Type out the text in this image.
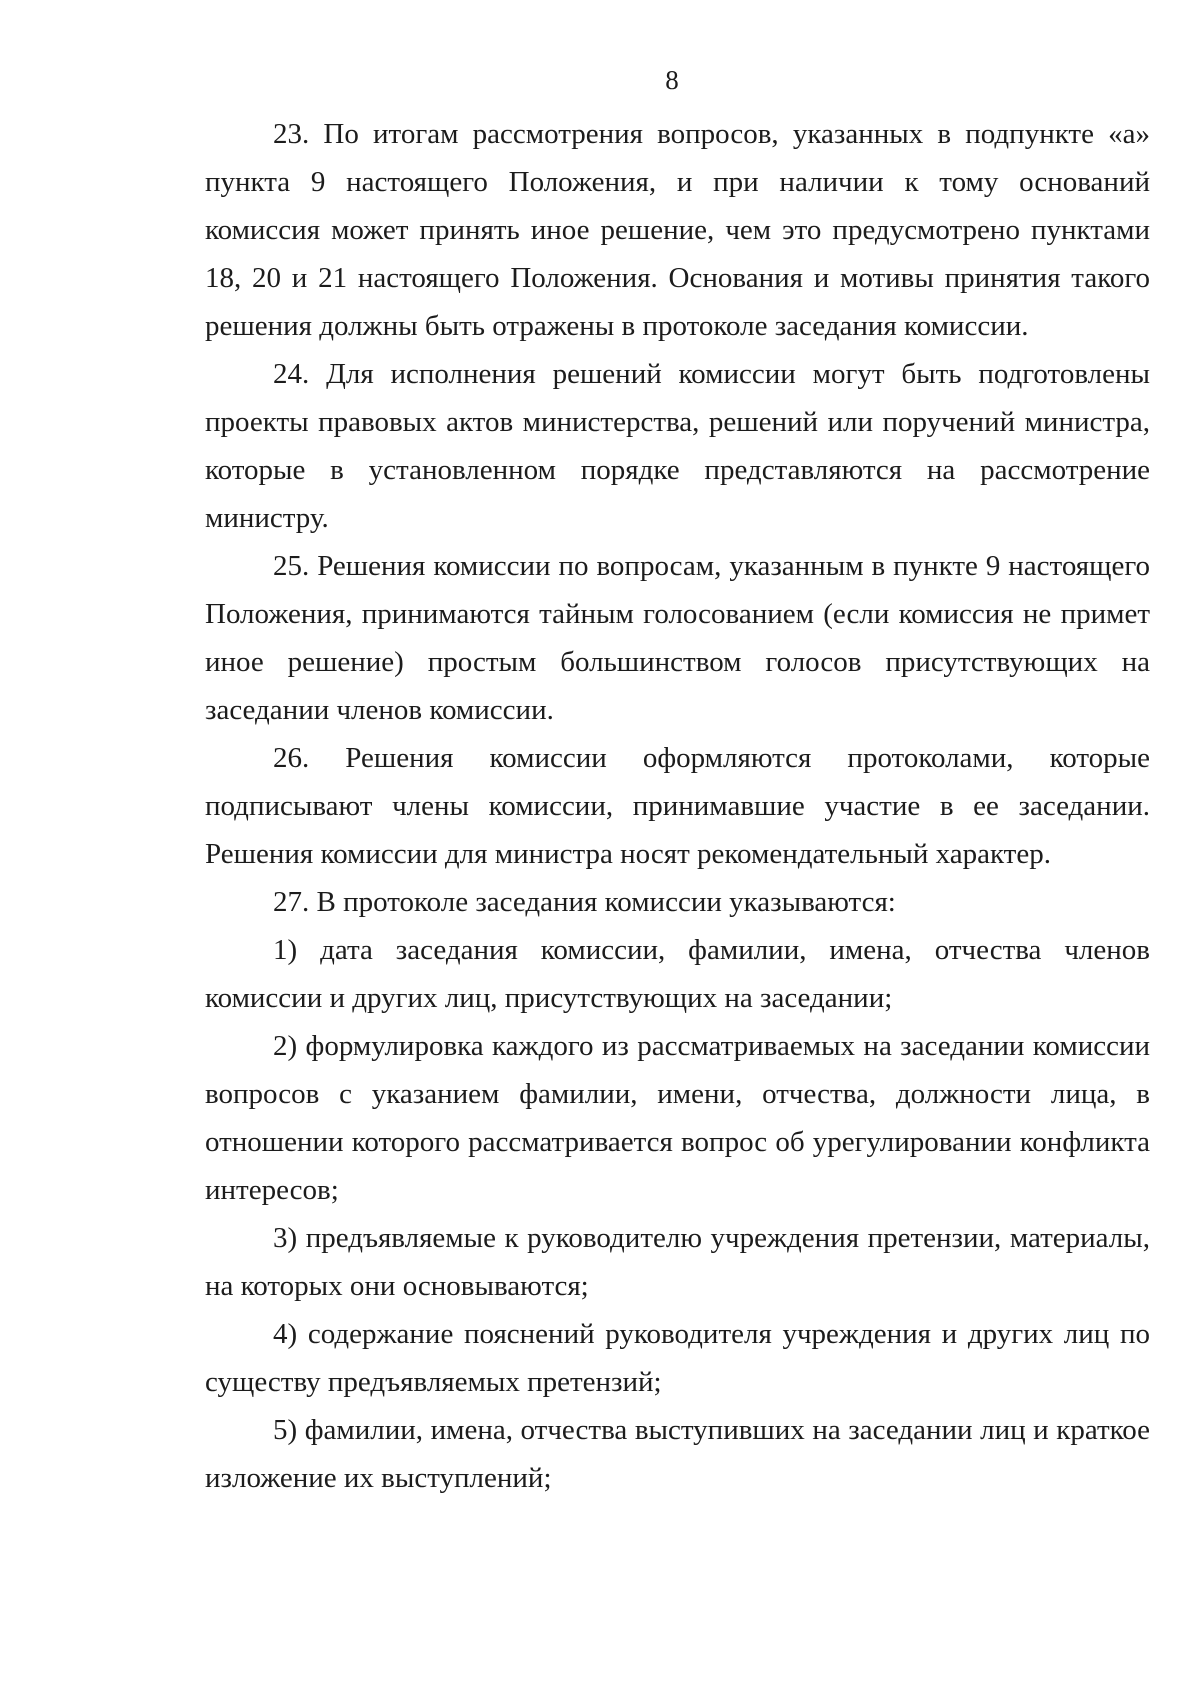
8

23. По итогам рассмотрения вопросов, указанных в подпункте «а» пункта 9 настоящего Положения, и при наличии к тому оснований комиссия может принять иное решение, чем это предусмотрено пунктами 18, 20 и 21 настоящего Положения. Основания и мотивы принятия такого решения должны быть отражены в протоколе заседания комиссии.

24. Для исполнения решений комиссии могут быть подготовлены проекты правовых актов министерства, решений или поручений министра, которые в установленном порядке представляются на рассмотрение министру.

25. Решения комиссии по вопросам, указанным в пункте 9 настоящего Положения, принимаются тайным голосованием (если комиссия не примет иное решение) простым большинством голосов присутствующих на заседании членов комиссии.

26. Решения комиссии оформляются протоколами, которые подписывают члены комиссии, принимавшие участие в ее заседании. Решения комиссии для министра носят рекомендательный характер.

27. В протоколе заседания комиссии указываются:

1) дата заседания комиссии, фамилии, имена, отчества членов комиссии и других лиц, присутствующих на заседании;

2) формулировка каждого из рассматриваемых на заседании комиссии вопросов с указанием фамилии, имени, отчества, должности лица, в отношении которого рассматривается вопрос об урегулировании конфликта интересов;

3) предъявляемые к руководителю учреждения претензии, материалы, на которых они основываются;

4) содержание пояснений руководителя учреждения и других лиц по существу предъявляемых претензий;

5) фамилии, имена, отчества выступивших на заседании лиц и краткое изложение их выступлений;
